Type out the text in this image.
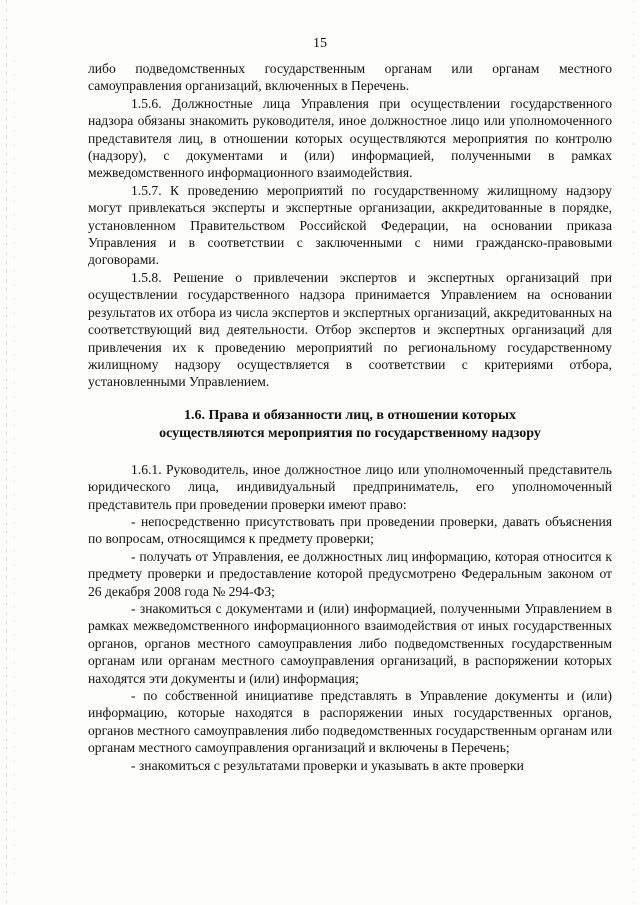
15

либо подведомственных государственным органам или органам местного самоуправления организаций, включенных в Перечень.

1.5.6. Должностные лица Управления при осуществлении государственного надзора обязаны знакомить руководителя, иное должностное лицо или уполномоченного представителя лиц, в отношении которых осуществляются мероприятия по контролю (надзору), с документами и (или) информацией, полученными в рамках межведомственного информационного взаимодействия.

1.5.7. К проведению мероприятий по государственному жилищному надзору могут привлекаться эксперты и экспертные организации, аккредитованные в порядке, установленном Правительством Российской Федерации, на основании приказа Управления и в соответствии с заключенными с ними гражданско-правовыми договорами.

1.5.8. Решение о привлечении экспертов и экспертных организаций при осуществлении государственного надзора принимается Управлением на основании результатов их отбора из числа экспертов и экспертных организаций, аккредитованных на соответствующий вид деятельности. Отбор экспертов и экспертных организаций для привлечения их к проведению мероприятий по региональному государственному жилищному надзору осуществляется в соответствии с критериями отбора, установленными Управлением.

1.6. Права и обязанности лиц, в отношении которых
осуществляются мероприятия по государственному надзору

1.6.1. Руководитель, иное должностное лицо или уполномоченный представитель юридического лица, индивидуальный предприниматель, его уполномоченный представитель при проведении проверки имеют право:

- непосредственно присутствовать при проведении проверки, давать объяснения по вопросам, относящимся к предмету проверки;

- получать от Управления, ее должностных лиц информацию, которая относится к предмету проверки и предоставление которой предусмотрено Федеральным законом от 26 декабря 2008 года № 294-ФЗ;

- знакомиться с документами и (или) информацией, полученными Управлением в рамках межведомственного информационного взаимодействия от иных государственных органов, органов местного самоуправления либо подведомственных государственным органам или органам местного самоуправления организаций, в распоряжении которых находятся эти документы и (или) информация;

- по собственной инициативе представлять в Управление документы и (или) информацию, которые находятся в распоряжении иных государственных органов, органов местного самоуправления либо подведомственных государственным органам или органам местного самоуправления организаций и включены в Перечень;

- знакомиться с результатами проверки и указывать в акте проверки
